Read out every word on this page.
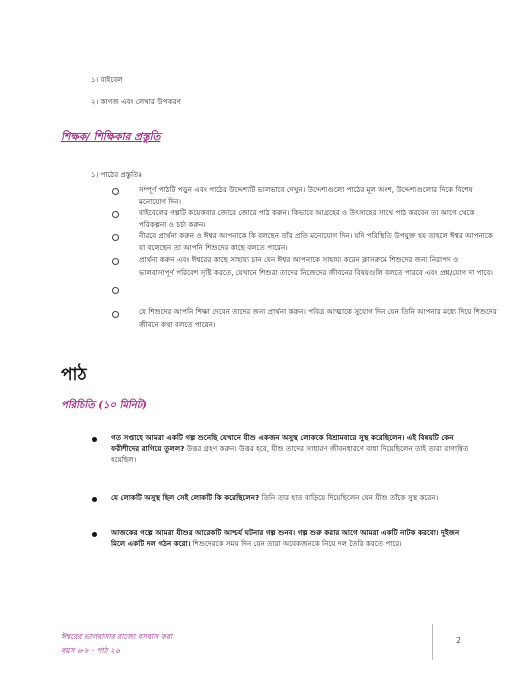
১। বাইবেল
২। কাগজ এবং লেখার উপকরণ
শিক্ষক/ শিক্ষিকার প্রস্তুতি
১। পাঠের প্রস্তুতিঃ
সম্পূর্ণ পাঠটি পড়ুন এবং পাঠের উদ্দেশ্যটি ভালভাবে দেখুন। উদ্দেশ্যগুলো পাঠের মূল অংশ, উদ্দেশ্যগুলোর দিকে বিশেষ
মনোযোগ দিন।
বাইবেলের গল্পটি কয়েকবার জোরে জোরে পাঠ করুন। কিভাবে আগ্রহের ও উৎসাহের সাথে পাঠ করবেন তা আগে থেকে
পরিকল্পনা ও চর্চা করুন।
নীরবে প্রার্থনা করুন ও ঈশ্বর আপনাকে কি বলছেন তাঁর প্রতি মনোযোগ দিন। যদি পরিস্থিতি উপযুক্ত হয় তাহলে ঈশ্বর আপনাকে
যা বলেছেন তা আপনি শিশুদের কাছে বলতে পারেন।
প্রার্থনা করুন এবং ঈশ্বরের কাছে সাহায্য চান যেন ঈশ্বর আপনাকে সাহায্য করেন ক্লাসরুমে শিশুদের জন্য নিরাপদ ও
ভালবাসাপূর্ণ পরিবেশ সৃষ্টি করতে, যেখানে শিশুরা তাদের নিজেদের জীবনের বিষয়গুলি বলতে পারবে এবং প্রশ্ন/যোগ দা পাবে।
যে শিশুদের আপনি শিক্ষা দেবেন তাদের জন্য প্রার্থনা করুন। পবিত্র আত্মাকে সুযোগ দিন যেন তিনি আপনার মধ্যে দিয়ে শিশুদের
জীবনে কথা বলতে পারেন।
পাঠ
পরিচিতি (১০ মিনিট)
গত সপ্তাহে আমরা একটি গল্প শুনেছি যেখানে যীশু একজন অসুস্থ লোককে বিশ্রামবারে সুস্থ করেছিলেন। এই বিষয়টি কেন
ফরীশীদের রাগিয়ে তুলল? উত্তর গ্রহণ করুন। উত্তর হবে, যীশু তাদের সাধারণ জীবনধারণে বাধা দিয়েছিলেন তাই তারা রাগান্বিত
হয়েছিল।
যে লোকটি অসুস্থ ছিল সেই লোকটি কি করেছিলেন? তিনি তার হাত বাড়িয়ে দিয়েছিলেন যেন যীশু তাঁকে সুস্থ করেন।
আজকের গল্পে আমরা যীশুর আরেকটি আশ্চর্য ঘটনার গল্প শুনব। গল্প শুরু করার আগে আমরা একটি নাটক করবো। দুইজন
মিলে একটি দল গঠন করো। শিশুদেরকে সময় দিন যেন তারা অবেকজনকে নিয়ে দল তৈরি করতে পারে।
ঈশ্বরের ভালবাসার রাজ্যে বসবাস করা
বয়স ৬-৮ · পাঠ ২৬
2
